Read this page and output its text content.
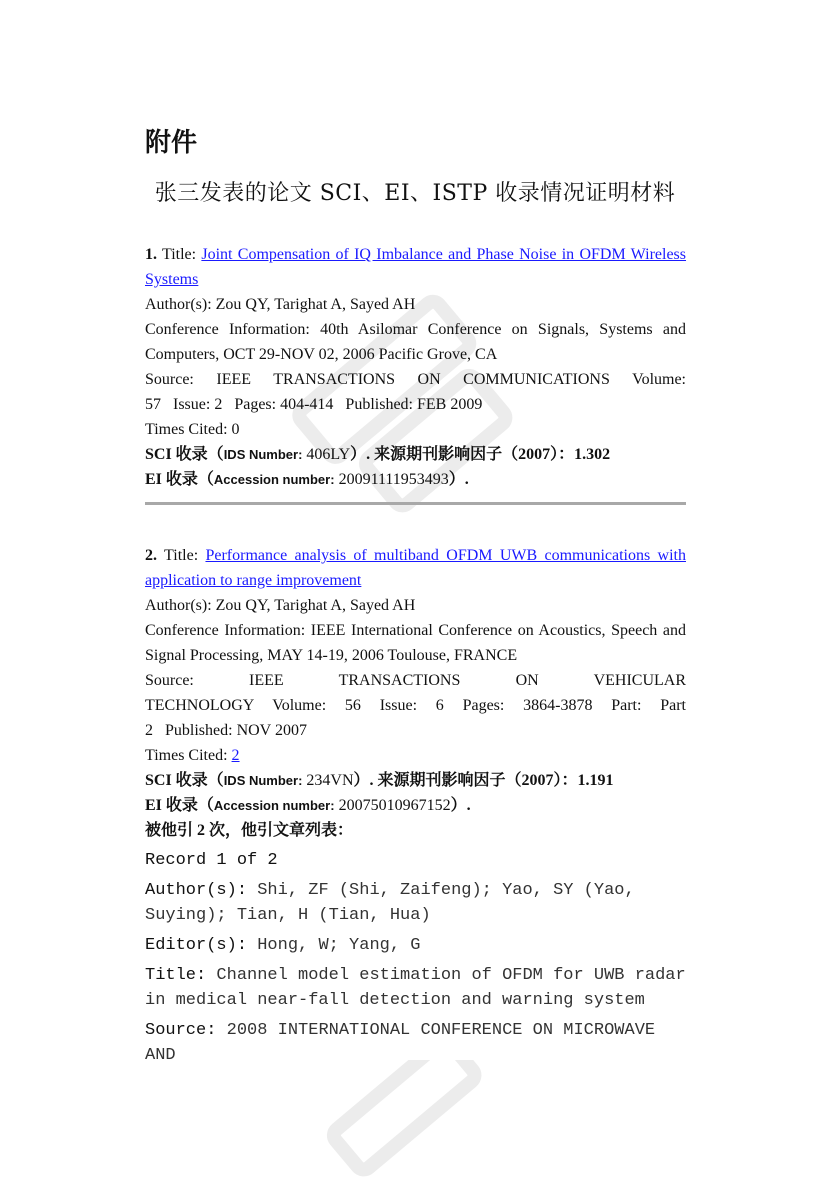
附件
张三发表的论文 SCI、EI、ISTP 收录情况证明材料

1. Title: Joint Compensation of IQ Imbalance and Phase Noise in OFDM Wireless Systems

Author(s): Zou QY, Tarighat A, Sayed AH

Conference Information: 40th Asilomar Conference on Signals, Systems and Computers, OCT 29-NOV 02, 2006 Pacific Grove, CA

Source: IEEE TRANSACTIONS ON COMMUNICATIONS Volume:

57   Issue: 2   Pages: 404-414   Published: FEB 2009

Times Cited: 0

SCI 收录（IDS Number: 406LY）. 来源期刊影响因子（2007）：1.302

EI 收录（Accession number: 20091111953493）.

2. Title: Performance analysis of multiband OFDM UWB communications with application to range improvement

Author(s): Zou QY, Tarighat A, Sayed AH

Conference Information: IEEE International Conference on Acoustics, Speech and Signal Processing, MAY 14-19, 2006 Toulouse, FRANCE

Source: IEEE TRANSACTIONS ON VEHICULAR

TECHNOLOGY Volume: 56 Issue: 6 Pages: 3864-3878 Part: Part

2   Published: NOV 2007

Times Cited: 2

SCI 收录（IDS Number: 234VN）. 来源期刊影响因子（2007）：1.191

EI 收录（Accession number: 20075010967152）.

被他引 2 次，他引文章列表：

Record 1 of 2

Author(s): Shi, ZF (Shi, Zaifeng); Yao, SY (Yao, Suying); Tian, H (Tian, Hua)

Editor(s): Hong, W; Yang, G

Title: Channel model estimation of OFDM for UWB radar in medical near-fall detection and warning system

Source: 2008 INTERNATIONAL CONFERENCE ON MICROWAVE AND
